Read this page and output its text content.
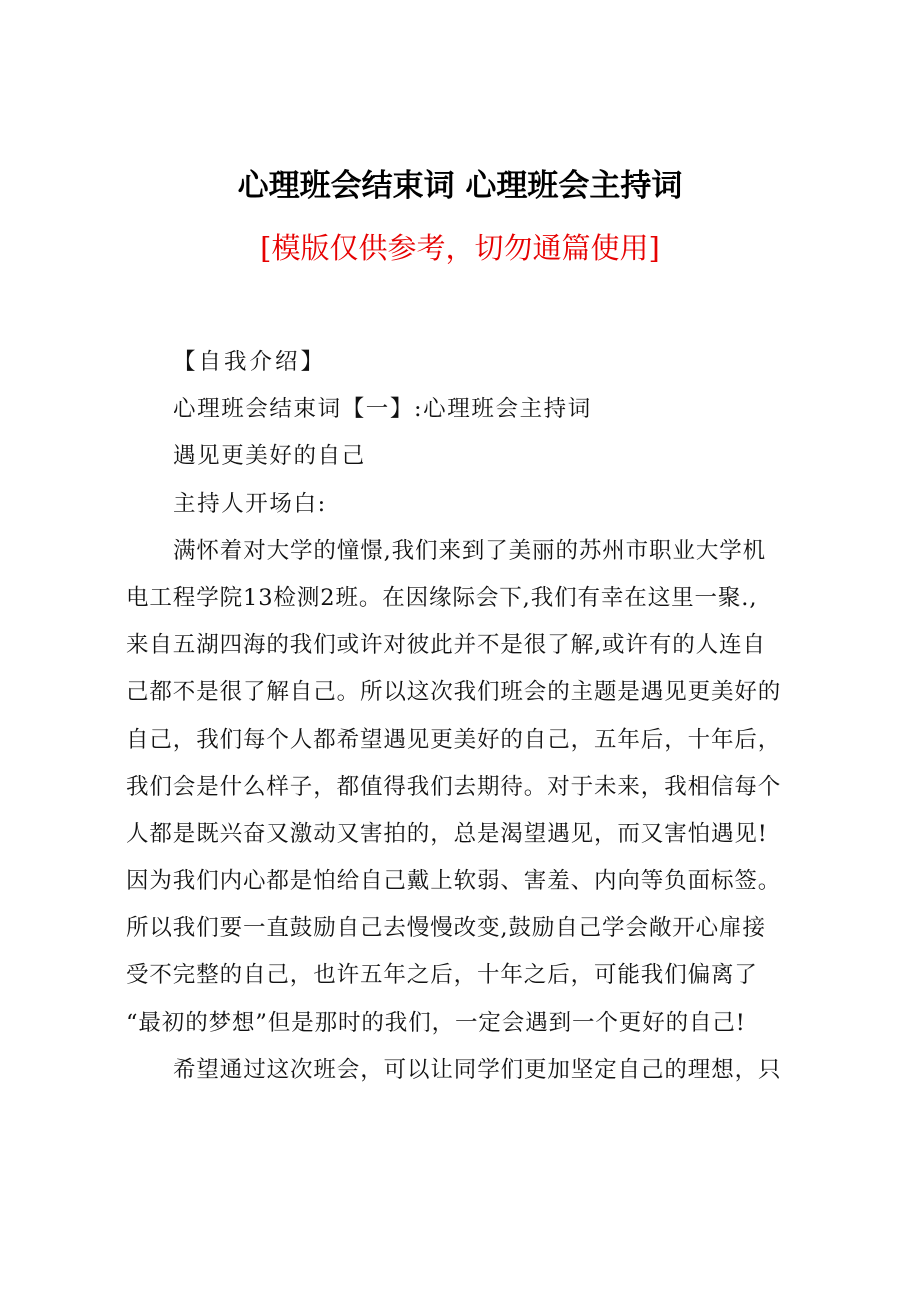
心理班会结束词 心理班会主持词
[模版仅供参考，切勿通篇使用]
【自我介绍】
心理班会结束词【一】:心理班会主持词
遇见更美好的自己
主持人开场白:
满怀着对大学的憧憬,我们来到了美丽的苏州市职业大学机
电工程学院13检测2班。在因缘际会下,我们有幸在这里一聚.,
来自五湖四海的我们或许对彼此并不是很了解,或许有的人连自
己都不是很了解自己。所以这次我们班会的主题是遇见更美好的
自己，我们每个人都希望遇见更美好的自己，五年后，十年后，
我们会是什么样子，都值得我们去期待。对于未来，我相信每个
人都是既兴奋又激动又害拍的，总是渴望遇见，而又害怕遇见!
因为我们内心都是怕给自己戴上软弱、害羞、内向等负面标签。
所以我们要一直鼓励自己去慢慢改变,鼓励自己学会敞开心扉接
受不完整的自己，也许五年之后，十年之后，可能我们偏离了
“最初的梦想”但是那时的我们，一定会遇到一个更好的自己!
希望通过这次班会，可以让同学们更加坚定自己的理想，只
